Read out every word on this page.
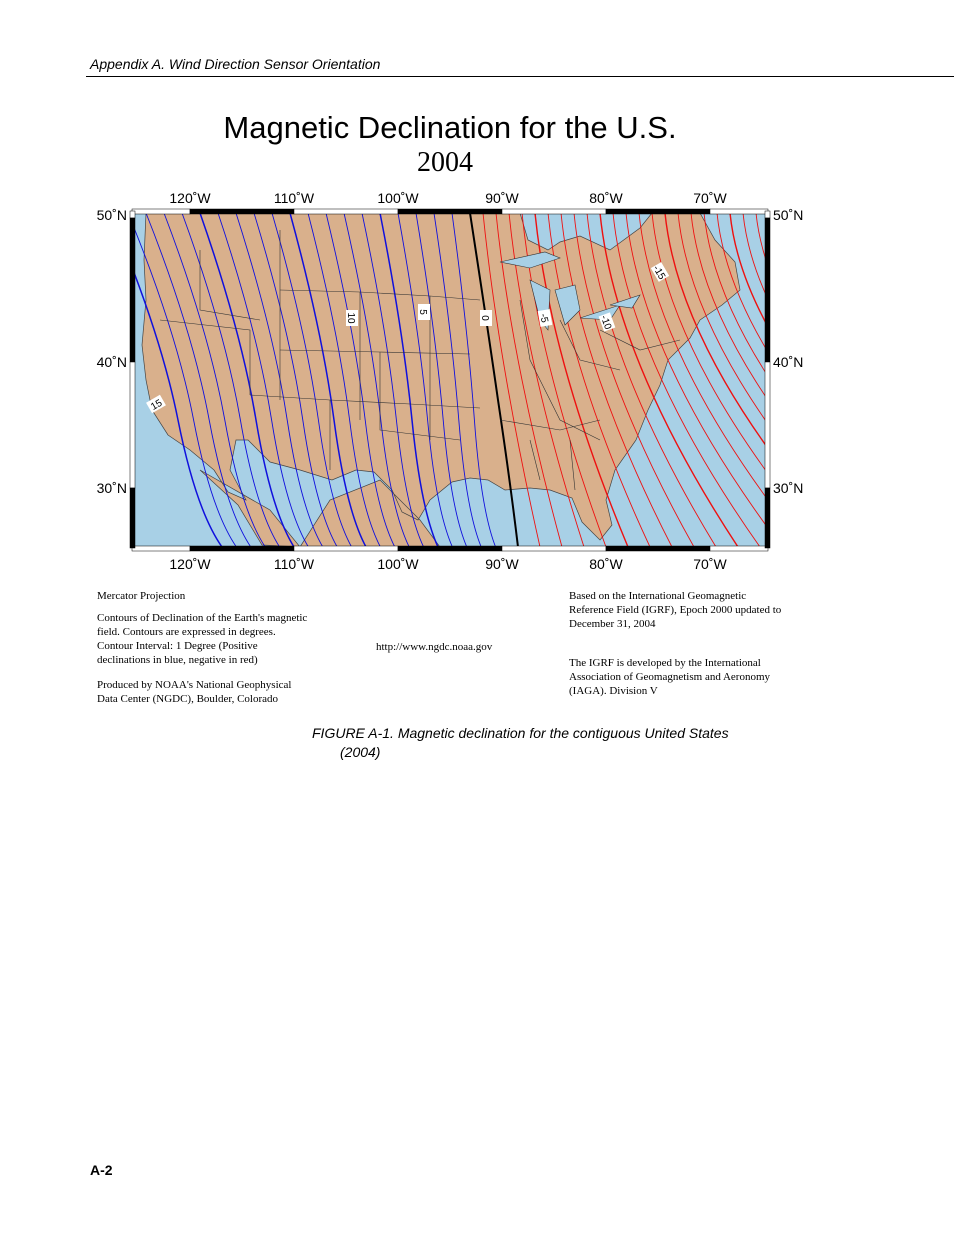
Appendix A. Wind Direction Sensor Orientation
Magnetic Declination for the U.S.
2004
15
10
5
0	-5	-10
-15
120˚W	110˚W	100˚W	90˚W	80˚W	70˚W
120˚W	110˚W	100˚W	90˚W	80˚W	70˚W
50˚N
40˚N
30˚N
50˚N
40˚N
30˚N
Mercator Projection
Contours of Declination of the Earth's magnetic
field. Contours are expressed in degrees.
Contour Interval: 1 Degree (Positive
declinations in blue, negative in red)
Produced by NOAA's National Geophysical
Data Center (NGDC), Boulder, Colorado
http://www.ngdc.noaa.gov
Based on the International Geomagnetic
Reference Field (IGRF), Epoch 2000 updated to
December 31, 2004
The IGRF is developed by the International
Association of Geomagnetism and Aeronomy
(IAGA). Division V
FIGURE A-1. Magnetic declination for the contiguous United States
(2004)
A-2
